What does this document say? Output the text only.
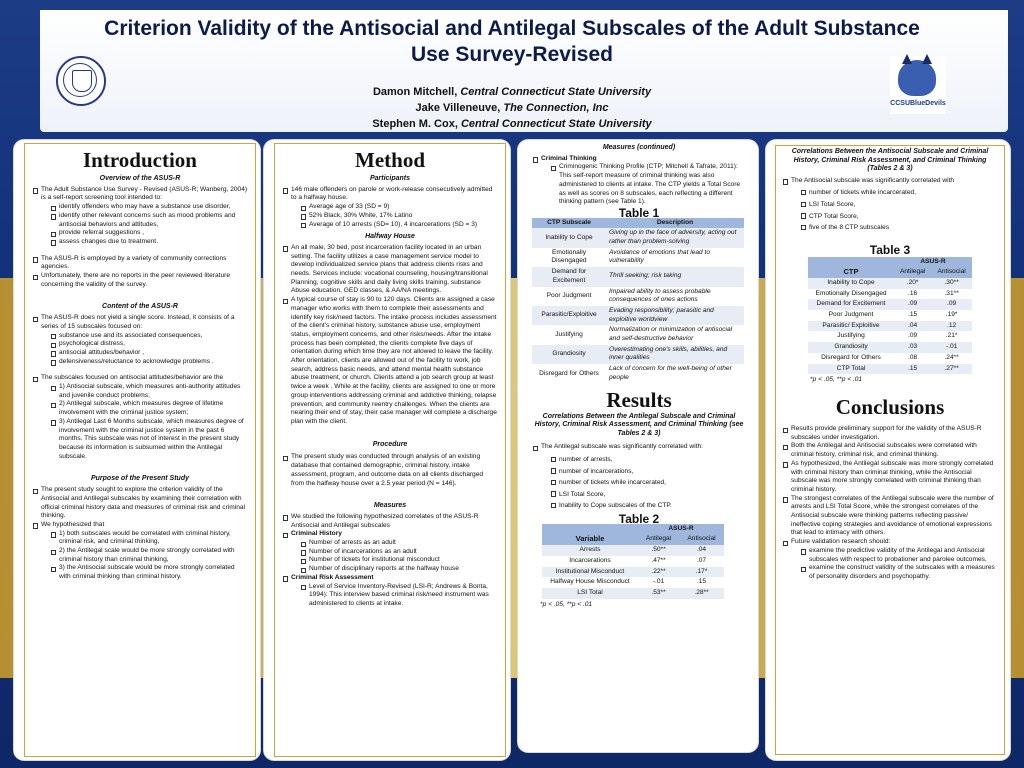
Criterion Validity of the Antisocial and Antilegal Subscales of the Adult Substance
Use Survey-Revised
CCSUBlueDevils
Damon Mitchell, Central Connecticut State University
Jake Villeneuve, The Connection, Inc
Stephen M. Cox, Central Connecticut State University
Introduction
Overview of the ASUS-R
The Adult Substance Use Survey - Revised (ASUS-R; Wanberg, 2004) is a self-report screening tool intended to:
identify offenders who may have a substance use disorder,
identify other relevant concerns such as mood problems and antisocial behaviors and attitudes,
provide referral suggestions ,
assess changes due to treatment.
The ASUS-R is employed by a variety of community corrections agencies.
Unfortunately, there are no reports in the peer reviewed literature concerning the validity of the survey.
Content of the ASUS-R
The ASUS-R does not yield a single score. Instead, it consists of a series of 15 subscales focused on:
substance use and its associated consequences,
psychological distress,
antisocial attitudes/behavior ,
defensiveness/reluctance to acknowledge problems .
The subscales focused on antisocial attitudes/behavior are the
1) Antisocial subscale, which measures anti-authority attitudes and juvenile conduct problems;
2) Antilegal subscale, which measures degree of lifetime involvement with the criminal justice system;
3) Antilegal Last 6 Months subscale, which measures degree of involvement with the criminal justice system in the past 6 months. This subscale was not of interest in the present study because its information is subsumed within the Antilegal subscale.
Purpose of the Present Study
The present study sought to explore the criterion validity of the Antisocial and Antilegal subscales by examining their correlation with official criminal history data and measures of criminal risk and criminal thinking.
We hypothesized that
1) both subscales would be correlated with criminal history, criminal risk, and criminal thinking,
2) the Antilegal scale would be more strongly correlated with criminal history than criminal thinking,
3) the Antisocial subscale would be more strongly correlated with criminal thinking than criminal history.
Method
Participants
146 male offenders on parole or work-release consecutively admitted to a halfway house.
Average age of 33 (SD = 9)
52% Black, 30% White, 17% Latino
Average of 10 arrests (SD= 10), 4 incarcerations (SD = 3)
Halfway House
An all male, 30 bed, post incarceration facility located in an urban setting. The facility utilizes a case management service model to develop individualized service plans that address clients risks and needs. Services include: vocational counseling, housing/transitional Planning, cognitive skills and daily living skills training, substance Abuse education, GED classes, & AA/NA meetings.
A typical course of stay is 90 to 120 days. Clients are assigned a case manager who works with them to complete their assessments and identify key risk/need factors. The intake process includes assessment of the client's criminal history, substance abuse use, employment status, employment concerns, and other risks/needs. After the intake process has been completed, the clients complete five days of orientation during which time they are not allowed to leave the facility. After orientation, clients are allowed out of the facility to work, job search, address basic needs, and attend mental health substance abuse treatment, or church. Clients attend a job search group at least twice a week . While at the facility, clients are assigned to one or more group interventions addressing criminal and addictive thinking, relapse prevention, and community reentry challenges. When the clients are nearing their end of stay, their case manager will complete a discharge plan with the client.
Procedure
The present study was conducted through analysis of an existing database that contained demographic, criminal history, intake assessment, program, and outcome data on all clients discharged from the halfway house over a 2.5 year period (N = 146).
Measures
We studied the following hypothesized correlates of the ASUS-R Antisocial and Antilegal subscales
Criminal History
Number of arrests as an adult
Number of incarcerations as an adult
Number of tickets for institutional misconduct
Number of disciplinary reports at the halfway house
Criminal Risk Assessment
Level of Service Inventory-Revised (LSI-R; Andrews & Bonta, 1994): This interview based criminal risk/need instrument was administered to clients at intake.
Measures (continued)
Criminal Thinking
Criminogenic Thinking Profile (CTP; Mitchell & Tafrate, 2011): This self-report measure of criminal thinking was also administered to clients at intake. The CTP yields a Total Score as well as scores on 8 subscales, each reflecting a different thinking pattern (see Table 1).
Table 1
CTP Subscale	Description
Inability to Cope	Giving up in the face of adversity, acting out rather than problem-solving
Emotionally Disengaged	Avoidance of emotions that lead to vulnerability
Demand for Excitement	Thrill seeking; risk taking
Poor Judgment	Impaired ability to assess probable consequences of ones actions
Parasitic/Exploitive	Evading responsibility; parasitic and exploitive worldview
Justifying	Normalization or minimization of antisocial and self-destructive behavior
Grandiosity	Overestimating one's skills, abilities, and inner qualities
Disregard for Others	Lack of concern for the well-being of other people
Results
Correlations Between the Antilegal Subscale and Criminal History, Criminal Risk Assessment, and Criminal Thinking (see Tables 2 & 3)
The Antilegal subscale was significantly correlated with:
number of arrests,
number of incarcerations,
number of tickets while incarcerated,
LSI Total Score,
Inability to Cope subscales of the CTP.
Table 2
	ASUS-R	
Variable	Antilegal	Antisocial
Arrests	.50**	.04
Incarcerations	.47**	.07
Institutional Misconduct	.22**	.17*
Halfway House Misconduct	-.01	.15
LSI Total	.53**	.28**
*p < .05, **p < .01
Correlations Between the Antisocial Subscale and Criminal History, Criminal Risk Assessment, and Criminal Thinking (Tables 2 & 3)
The Antisocial subscale was significantly correlated with
number of tickets while incarcerated,
LSI Total Score,
CTP Total Score,
five of the 8 CTP subscales
Table 3
	ASUS-R	
CTP	Antilegal	Antisocial
Inability to Cope	.20*	.30**
Emotionally Disengaged	.16	.31**
Demand for Excitement	.09	.09
Poor Judgment	.15	.19*
Parasitic/ Exploitive	.04	.12
Justifying	.09	.21*
Grandiosity	.03	-.01
Disregard for Others	.08	.24**
CTP Total	.15	.27**
*p < .05, **p < .01
Conclusions
Results provide preliminary support for the validity of the ASUS-R subscales under investigation.
Both the Antilegal and Antisocial subscales were correlated with criminal history, criminal risk, and criminal thinking.
As hypothesized, the Antilegal subscale was more strongly correlated with criminal history than criminal thinking, while the Antisocial subscale was more strongly correlated with criminal thinking than criminal history.
The strongest correlates of the Antilegal subscale were the number of arrests and LSI Total Score, while the strongest correlates of the Antisocial subscale were thinking patterns reflecting passive/ ineffective coping strategies and avoidance of emotional expressions that lead to intimacy with others.
Future validation research should:
examine the predictive validity of the Antilegal and Antisocial subscales with respect to probationer and parolee outcomes,
examine the construct validity of the subscales with a measures of personality disorders and psychopathy.
